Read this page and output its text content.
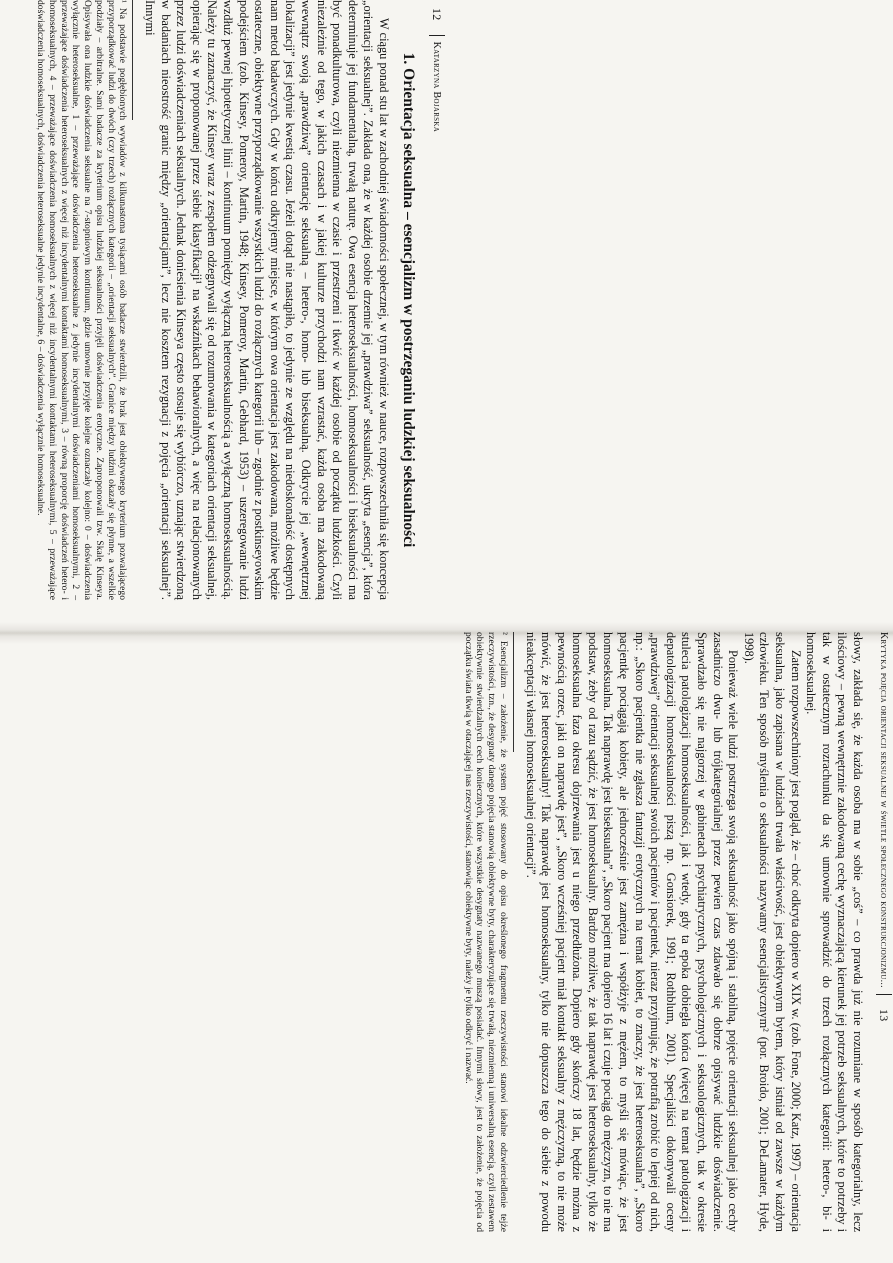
12
Katarzyna Bojarska
1. Orientacja seksualna – esencjalizm w postrzeganiu ludzkiej seksualności

W ciągu ponad stu lat w zachodniej świadomości społecznej, w tym również w nauce, rozpowszechniła się koncepcja „orientacji seksualnej”. Zakłada ona, że w każdej osobie drzemie jej „prawdziwa” seksualność, ukryta „esencja”, która determinuje jej fundamentalną, trwałą naturę. Owa esencja heteroseksualności, homoseksualności i biseksualności ma być ponadkulturowa, czyli niezmienna w czasie i przestrzeni i tkwić w każdej osobie od początku ludzkości. Czyli niezależnie od tego, w jakich czasach i w jakiej kulturze przychodzi nam wzrastać, każda osoba ma zakodowaną wewnątrz swoją „prawdziwą” orientację seksualną – hetero-, homo- lub biseksualną. Odkrycie jej „wewnętrznej lokalizacji” jest jedynie kwestią czasu. Jeżeli dotąd nie nastąpiło, to jedynie ze względu na niedoskonałość dostępnych nam metod badawczych. Gdy w końcu odkryjemy miejsce, w którym owa orientacja jest zakodowana, możliwe będzie ostateczne, obiektywne przyporządkowanie wszystkich ludzi do rozłącznych kategorii lub – zgodnie z postkinseyowskim podejściem (zob. Kinsey, Pomeroy, Martin, 1948; Kinsey, Pomeroy, Martin, Gebhard, 1953) – uszeregowanie ludzi wzdłuż pewnej hipotetycznej linii – kontinuum pomiędzy wyłączną heteroseksualnością a wyłączną homoseksualnością. Należy tu zaznaczyć, że Kinsey wraz z zespołem odżegnywali się od rozumowania w kategoriach orientacji seksualnej, opierając się w proponowanej przez siebie klasyfikacji¹ na wskaźnikach behawioralnych, a więc na relacjonowanych przez ludzi doświadczeniach seksualnych. Jednak doniesienia Kinseya często stosuje się wybiórczo, uznając stwierdzoną w badaniach nieostrość granic między „orientacjami”, lecz nie kosztem rezygnacji z pojęcia „orientacji seksualnej”. Innymi

¹ Na podstawie pogłębionych wywiadów z kilkunastoma tysiącami osób badacze stwierdzili, że brak jest obiektywnego kryterium pozwalającego przyporządkować ludzi do dwóch (czy trzech) rozłącznych kategorii – „orientacji seksualnych”. Granice między ludźmi okazały się płynne, a wszelkie podziały – arbitralne. Sami badacze za kryterium opisu ludzkiej seksualności przyjęli doświadczenia erotyczne. Zaproponowali tzw. Skalę Kinseya. Opisywała ona ludzkie doświadczenia seksualne na 7-stopniowym kontinuum, gdzie umownie przyjęte kolejne oznaczały kolejno: 0 – doświadczenia wyłącznie heteroseksualne, 1 – przeważające doświadczenia heteroseksualne z jedynie incydentalnymi doświadczeniami homoseksualnymi, 2 – przeważające doświadczenia heteroseksualnych z więcej niż incydentalnymi kontaktami homoseksualnymi, 3 – równą proporcję doświadczeń hetero- i homoseksualnych, 4 – przeważające doświadczenia homoseksualnych z więcej niż incydentalnymi kontaktami heteroseksualnymi, 5 – przeważające doświadczenia homoseksualnych, doświadczenia heteroseksualne jedynie incydentalne, 6 – doświadczenia wyłącznie homoseksualne.

Krytyka pojęcia orientacji seksualnej w świetle społecznego konstrukcjonizmu...
13

słowy, zakłada się, że każda osoba ma w sobie „coś” – co prawda już nie rozumiane w sposób kategorialny, lecz ilościowy – pewną wewnętrznie zakodowaną cechę wyznaczającą kierunek jej potrzeb seksualnych, które to potrzeby i tak w ostatecznym rozrachunku da się umownie sprowadzić do trzech rozłącznych kategorii: hetero-, bi- i homoseksualnej.

Zatem rozpowszechniony jest pogląd, że – choć odkryta dopiero w XIX w. (zob. Fone, 2000; Katz, 1997) – orientacja seksualna, jako zapisana w ludziach trwała właściwość, jest obiektywnym bytem, który istniał od zawsze w każdym człowieku. Ten sposób myślenia o seksualności nazywamy esencjalistycznym² (por. Broido, 2001; DeLamater, Hyde, 1998).

Ponieważ wiele ludzi postrzega swoją seksualność jako spójną i stabilną, pojęcie orientacji seksualnej jako cechy zasadniczo dwu- lub trójkategorialnej przez pewien czas zdawało się dobrze opisywać ludzkie doświadczenie. Sprawdzało się nie najgorzej w gabinetach psychiatrycznych, psychologicznych i seksuologicznych, tak w okresie stulecia patologizacji homoseksualności, jak i wtedy, gdy ta epoka dobiegła końca (więcej na temat patologizacji i depatologizacji homoseksualności piszą np. Gonsiorek, 1991; Rothblum, 2001). Specjaliści dokonywali oceny „prawdziwej” orientacji seksualnej swoich pacjentów i pacjentek, nieraz przyjmując, że potrafią zrobić to lepiej od nich, np.: „Skoro pacjentka nie zgłasza fantazji erotycznych na temat kobiet, to znaczy, że jest heteroseksualna”, „Skoro pacjentkę pociągają kobiety, ale jednocześnie jest zamężna i współżyje z mężem, to myśli się mówiąc, że jest homoseksualna. Tak naprawdę jest biseksualna”, „Skoro pacjent ma dopiero 16 lat i czuje pociąg do mężczyzn, to nie ma podstaw, żeby od razu sądzić, że jest homoseksualny. Bardzo możliwe, że tak naprawdę jest heteroseksualny, tylko że homoseksualna faza okresu dojrzewania jest u niego przedłużona. Dopiero gdy skończy 18 lat, będzie można z pewnością orzec, jaki on naprawdę jest”, „Skoro wcześniej pacjent miał kontakt seksualny z mężczyzną, to nie może mówić, że jest heteroseksualny! Tak naprawdę jest homoseksualny, tylko nie dopuszcza tego do siebie z powodu nieakceptacji własnej homoseksualnej orientacji”.

² Esencjalizm – założenie, że system pojęć stosowany do opisu określonego fragmentu rzeczywistości stanowi idealne odzwierciedlenie tejże rzeczywistości, tzn., że desygnaty danego pojęcia stanowią obiektywne byty, charakteryzujące się trwałą, niezmienną i uniwersalną esencją, czyli zestawem obiektywnie stwierdzalnych cech koniecznych, które wszystkie desygnaty nazwanego muszą posiadać. Innymi słowy, jest to założenie, że pojęcia od początku świata tkwią w otaczającej nas rzeczywistości, stanowiąc obiektywne byty, należy je tylko odkryć i nazwać.
